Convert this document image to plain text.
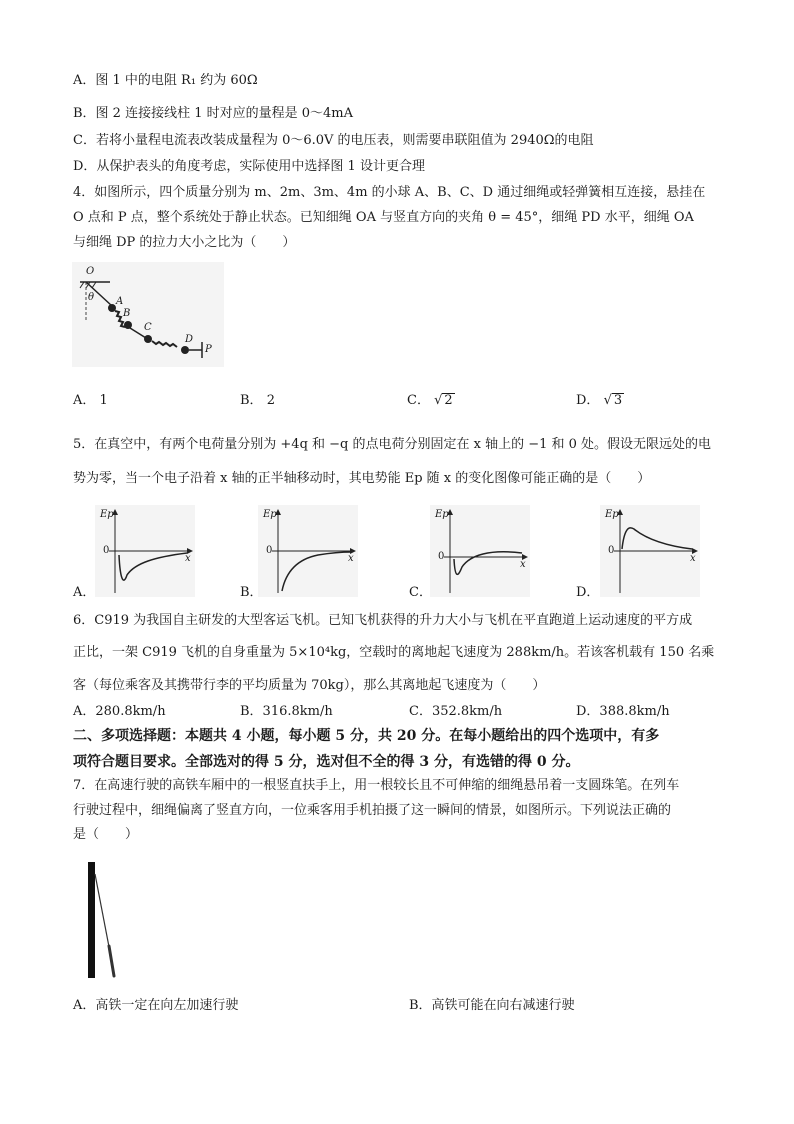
A．图 1 中的电阻 R₁ 约为 60Ω
B．图 2 连接接线柱 1 时对应的量程是 0～4mA
C．若将小量程电流表改装成量程为 0～6.0V 的电压表，则需要串联阻值为 2940Ω的电阻
D．从保护表头的角度考虑，实际使用中选择图 1 设计更合理
4．如图所示，四个质量分别为 m、2m、3m、4m 的小球 A、B、C、D 通过细绳或轻弹簧相互连接，悬挂在
O 点和 P 点，整个系统处于静止状态。已知细绳 OA 与竖直方向的夹角 θ = 45°，细绳 PD 水平，细绳 OA
与细绳 DP 的拉力大小之比为（　　）
O
θ A
B
C
D
P
A． 1	B． 2	C． √ 2	D． √ 3
5．在真空中，有两个电荷量分别为 +4q 和 −q 的点电荷分别固定在 x 轴上的 −1 和 0 处。假设无限远处的电
势为零，当一个电子沿着 x 轴的正半轴移动时，其电势能 Ep 随 x 的变化图像可能正确的是（　　）
Ep
0
x
Ep
0
x
Ep
0
x
Ep
0
x
A．	B．	C．	D．
6．C919 为我国自主研发的大型客运飞机。已知飞机获得的升力大小与飞机在平直跑道上运动速度的平方成
正比，一架 C919 飞机的自身重量为 5×10⁴kg，空载时的离地起飞速度为 288km/h。若该客机载有 150 名乘
客（每位乘客及其携带行李的平均质量为 70kg），那么其离地起飞速度为（　　）
A．280.8km/h	B．316.8km/h	C．352.8km/h	D．388.8km/h
二、多项选择题：本题共 4 小题，每小题 5 分，共 20 分。在每小题给出的四个选项中，有多
项符合题目要求。全部选对的得 5 分，选对但不全的得 3 分，有选错的得 0 分。
7．在高速行驶的高铁车厢中的一根竖直扶手上，用一根较长且不可伸缩的细绳悬吊着一支圆珠笔。在列车
行驶过程中，细绳偏离了竖直方向，一位乘客用手机拍摄了这一瞬间的情景，如图所示。下列说法正确的
是（　　）
A．高铁一定在向左加速行驶	B．高铁可能在向右减速行驶
